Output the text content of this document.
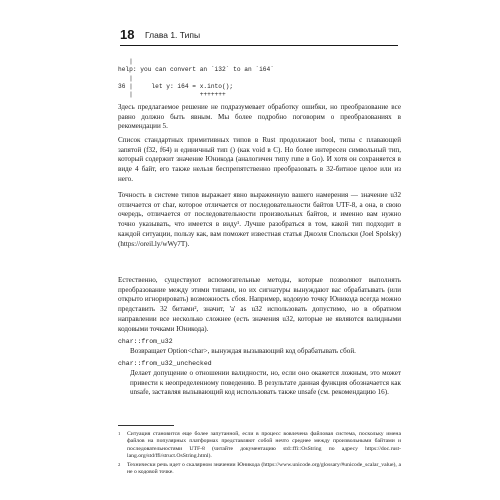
18 Глава 1. Типы
|
help: you can convert an `i32` to an `i64`
|
36 |     let y: i64 = x.into();
|                  +++++++
Здесь предлагаемое решение не подразумевает обработку ошибки, но преобразование все равно должно быть явным. Мы более подробно поговорим о преобразованиях в рекомендации 5.
Список стандартных примитивных типов в Rust продолжают bool, типы с плавающей запятой (f32, f64) и единичный тип () (как void в C). Но более интересен символьный тип, который содержит значение Юникода (аналогичен типу rune в Go). И хотя он сохраняется в виде 4 байт, его также нельзя беспрепятственно преобразовать в 32-битное целое или из него.
Точность в системе типов выражает явно выраженную вашего намерения — значение u32 отличается от char, которое отличается от последовательности байтов UTF-8, а она, в свою очередь, отличается от последовательности произвольных байтов, и именно вам нужно точно указывать, что имеется в виду¹. Лучше разобраться в том, какой тип подходит в каждой ситуации, пользу как, вам поможет известная статья Джоэля Спольски (Joel Spolsky) (https://oreil.ly/wWy7T).
Естественно, существуют вспомогательные методы, которые позволяют выполнять преобразование между этими типами, но их сигнатуры вынуждают вас обрабатывать (или открыто игнорировать) возможность сбоя. Например, кодовую точку Юникода всегда можно представить 32 битами², значит, 'a' as u32 использовать допустимо, но в обратном направлении все несколько сложнее (есть значения u32, которые не являются валидными кодовыми точками Юникода).
char::from_u32
Возвращает Option<char>, вынуждая вызывающий код обрабатывать сбой.
char::from_u32_unchecked
Делает допущение о отношении валидности, но, если оно окажется ложным, это может привести к неопределенному поведению. В результате данная функция обозначается как unsafe, заставляя вызывающий код использовать также unsafe (см. рекомендацию 16).
1 Ситуация становится еще более запутанной, если в процесс вовлечена файловая система, поскольку имена файлов на популярных платформах представляют собой нечто среднее между произвольными байтами и последовательностями UTF-8 (читайте документацию std::ffi::OsString по адресу https://doc.rust-lang.org/std/ffi/struct.OsString.html).
2 Технически речь идет о скалярном значении Юникода (https://www.unicode.org/glossary/#unicode_scalar_value), а не о кодовой точке.
